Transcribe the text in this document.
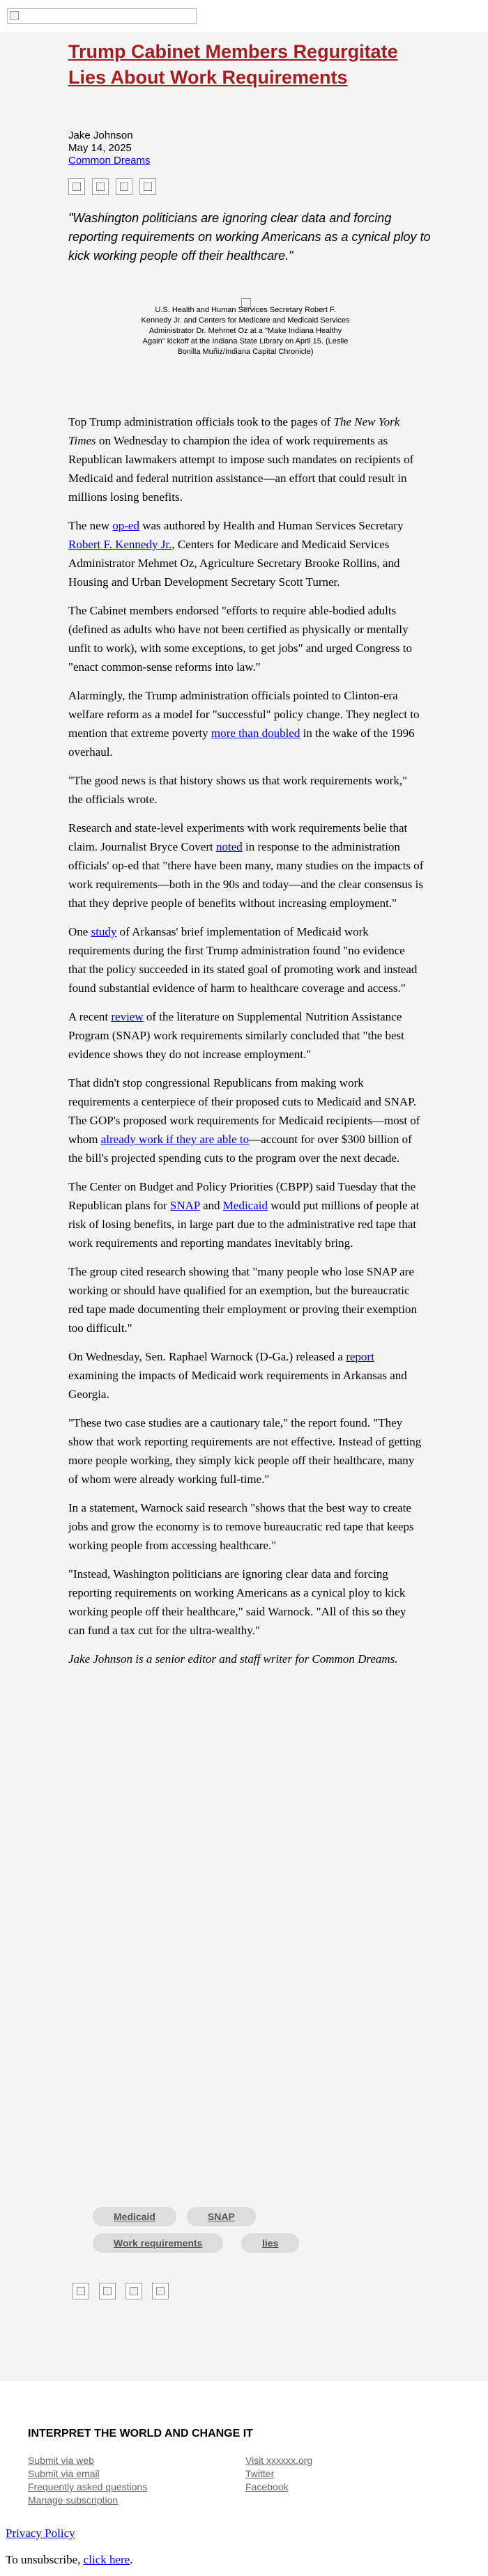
Trump Cabinet Members Regurgitate Lies About Work Requirements
Jake Johnson
May 14, 2025
Common Dreams

"Washington politicians are ignoring clear data and forcing reporting requirements on working Americans as a cynical ploy to kick working people off their healthcare."

U.S. Health and Human Services Secretary Robert F. Kennedy Jr. and Centers for Medicare and Medicaid Services Administrator Dr. Mehmet Oz at a "Make Indiana Healthy Again" kickoff at the Indiana State Library on April 15. (Leslie Bonilla Muñiz/Indiana Capital Chronicle)

Top Trump administration officials took to the pages of The New York Times on Wednesday to champion the idea of work requirements as Republican lawmakers attempt to impose such mandates on recipients of Medicaid and federal nutrition assistance—an effort that could result in millions losing benefits.

The new op-ed was authored by Health and Human Services Secretary Robert F. Kennedy Jr., Centers for Medicare and Medicaid Services Administrator Mehmet Oz, Agriculture Secretary Brooke Rollins, and Housing and Urban Development Secretary Scott Turner.

The Cabinet members endorsed "efforts to require able-bodied adults (defined as adults who have not been certified as physically or mentally unfit to work), with some exceptions, to get jobs" and urged Congress to "enact common-sense reforms into law."

Alarmingly, the Trump administration officials pointed to Clinton-era welfare reform as a model for "successful" policy change. They neglect to mention that extreme poverty more than doubled in the wake of the 1996 overhaul.

"The good news is that history shows us that work requirements work," the officials wrote.

Research and state-level experiments with work requirements belie that claim. Journalist Bryce Covert noted in response to the administration officials' op-ed that "there have been many, many studies on the impacts of work requirements—both in the 90s and today—and the clear consensus is that they deprive people of benefits without increasing employment."

One study of Arkansas' brief implementation of Medicaid work requirements during the first Trump administration found "no evidence that the policy succeeded in its stated goal of promoting work and instead found substantial evidence of harm to healthcare coverage and access."

A recent review of the literature on Supplemental Nutrition Assistance Program (SNAP) work requirements similarly concluded that "the best evidence shows they do not increase employment."

That didn't stop congressional Republicans from making work requirements a centerpiece of their proposed cuts to Medicaid and SNAP. The GOP's proposed work requirements for Medicaid recipients—most of whom already work if they are able to—account for over $300 billion of the bill's projected spending cuts to the program over the next decade.

The Center on Budget and Policy Priorities (CBPP) said Tuesday that the Republican plans for SNAP and Medicaid would put millions of people at risk of losing benefits, in large part due to the administrative red tape that work requirements and reporting mandates inevitably bring.

The group cited research showing that "many people who lose SNAP are working or should have qualified for an exemption, but the bureaucratic red tape made documenting their employment or proving their exemption too difficult."

On Wednesday, Sen. Raphael Warnock (D-Ga.) released a report examining the impacts of Medicaid work requirements in Arkansas and Georgia.

"These two case studies are a cautionary tale," the report found. "They show that work reporting requirements are not effective. Instead of getting more people working, they simply kick people off their healthcare, many of whom were already working full-time."

In a statement, Warnock said research "shows that the best way to create jobs and grow the economy is to remove bureaucratic red tape that keeps working people from accessing healthcare."

"Instead, Washington politicians are ignoring clear data and forcing reporting requirements on working Americans as a cynical ploy to kick working people off their healthcare," said Warnock. "All of this so they can fund a tax cut for the ultra-wealthy."

Jake Johnson is a senior editor and staff writer for Common Dreams.

Medicaid	SNAP
Work requirements	lies
INTERPRET THE WORLD AND CHANGE IT
Submit via web
Submit via email
Frequently asked questions
Manage subscription
Visit xxxxxx.org
Twitter
Facebook
Privacy Policy
To unsubscribe, click here.
